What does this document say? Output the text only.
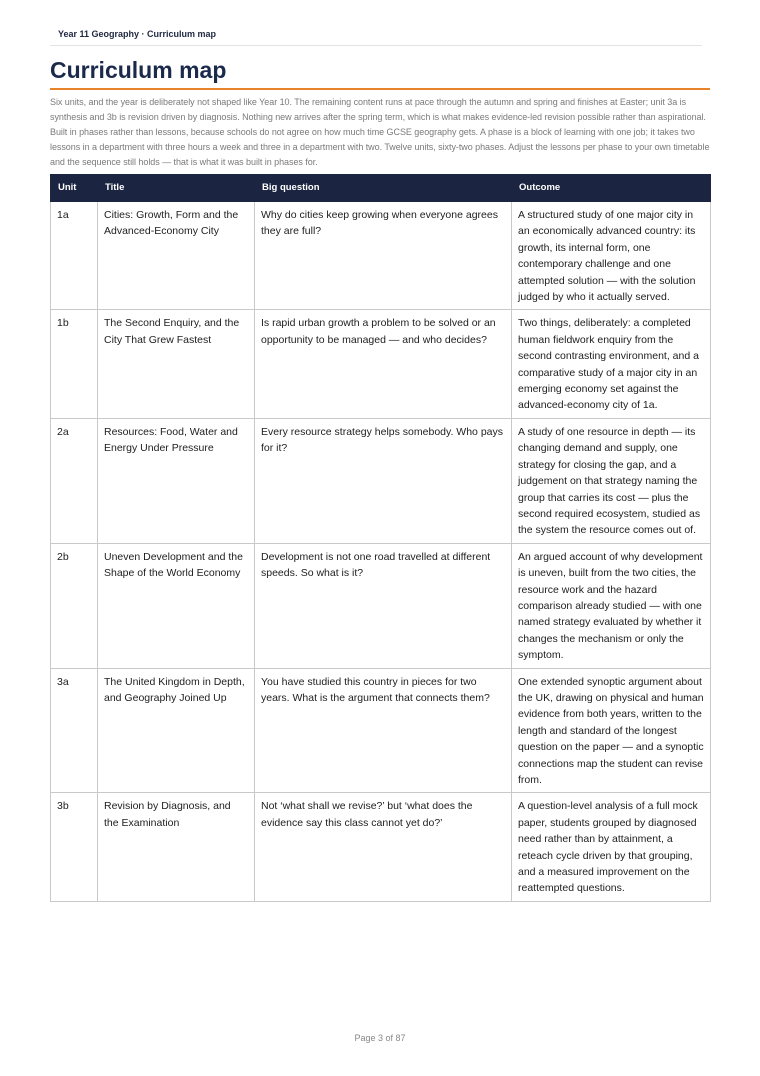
Year 11 Geography · Curriculum map
Curriculum map
Six units, and the year is deliberately not shaped like Year 10. The remaining content runs at pace through the autumn and spring and finishes at Easter; unit 3a is synthesis and 3b is revision driven by diagnosis. Nothing new arrives after the spring term, which is what makes evidence-led revision possible rather than aspirational. Built in phases rather than lessons, because schools do not agree on how much time GCSE geography gets. A phase is a block of learning with one job; it takes two lessons in a department with three hours a week and three in a department with two. Twelve units, sixty-two phases. Adjust the lessons per phase to your own timetable and the sequence still holds — that is what it was built in phases for.
Unit	Title	Big question	Outcome
1a	Cities: Growth, Form and the Advanced-Economy City	Why do cities keep growing when everyone agrees they are full?	A structured study of one major city in an economically advanced country: its growth, its internal form, one contemporary challenge and one attempted solution — with the solution judged by who it actually served.
1b	The Second Enquiry, and the City That Grew Fastest	Is rapid urban growth a problem to be solved or an opportunity to be managed — and who decides?	Two things, deliberately: a completed human fieldwork enquiry from the second contrasting environment, and a comparative study of a major city in an emerging economy set against the advanced-economy city of 1a.
2a	Resources: Food, Water and Energy Under Pressure	Every resource strategy helps somebody. Who pays for it?	A study of one resource in depth — its changing demand and supply, one strategy for closing the gap, and a judgement on that strategy naming the group that carries its cost — plus the second required ecosystem, studied as the system the resource comes out of.
2b	Uneven Development and the Shape of the World Economy	Development is not one road travelled at different speeds. So what is it?	An argued account of why development is uneven, built from the two cities, the resource work and the hazard comparison already studied — with one named strategy evaluated by whether it changes the mechanism or only the symptom.
3a	The United Kingdom in Depth, and Geography Joined Up	You have studied this country in pieces for two years. What is the argument that connects them?	One extended synoptic argument about the UK, drawing on physical and human evidence from both years, written to the length and standard of the longest question on the paper — and a synoptic connections map the student can revise from.
3b	Revision by Diagnosis, and the Examination	Not ‘what shall we revise?’ but ‘what does the evidence say this class cannot yet do?’	A question-level analysis of a full mock paper, students grouped by diagnosed need rather than by attainment, a reteach cycle driven by that grouping, and a measured improvement on the reattempted questions.
Page 3 of 87
